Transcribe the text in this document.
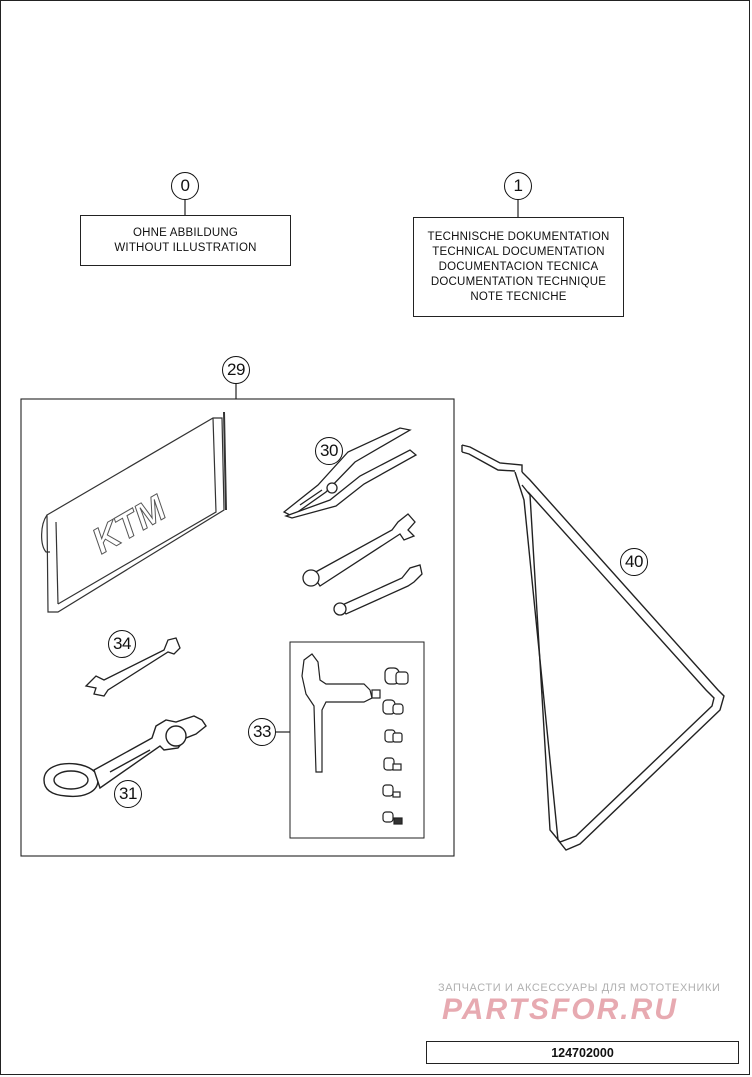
KTM
0	1
29
30
34
33
31
40
OHNE ABBILDUNG
WITHOUT ILLUSTRATION
TECHNISCHE DOKUMENTATION
TECHNICAL DOCUMENTATION
DOCUMENTACION TECNICA
DOCUMENTATION TECHNIQUE
NOTE TECNICHE
ЗАПЧАСТИ И АКСЕССУАРЫ ДЛЯ МОТОТЕХНИКИ
PARTSFOR.RU
124702000
